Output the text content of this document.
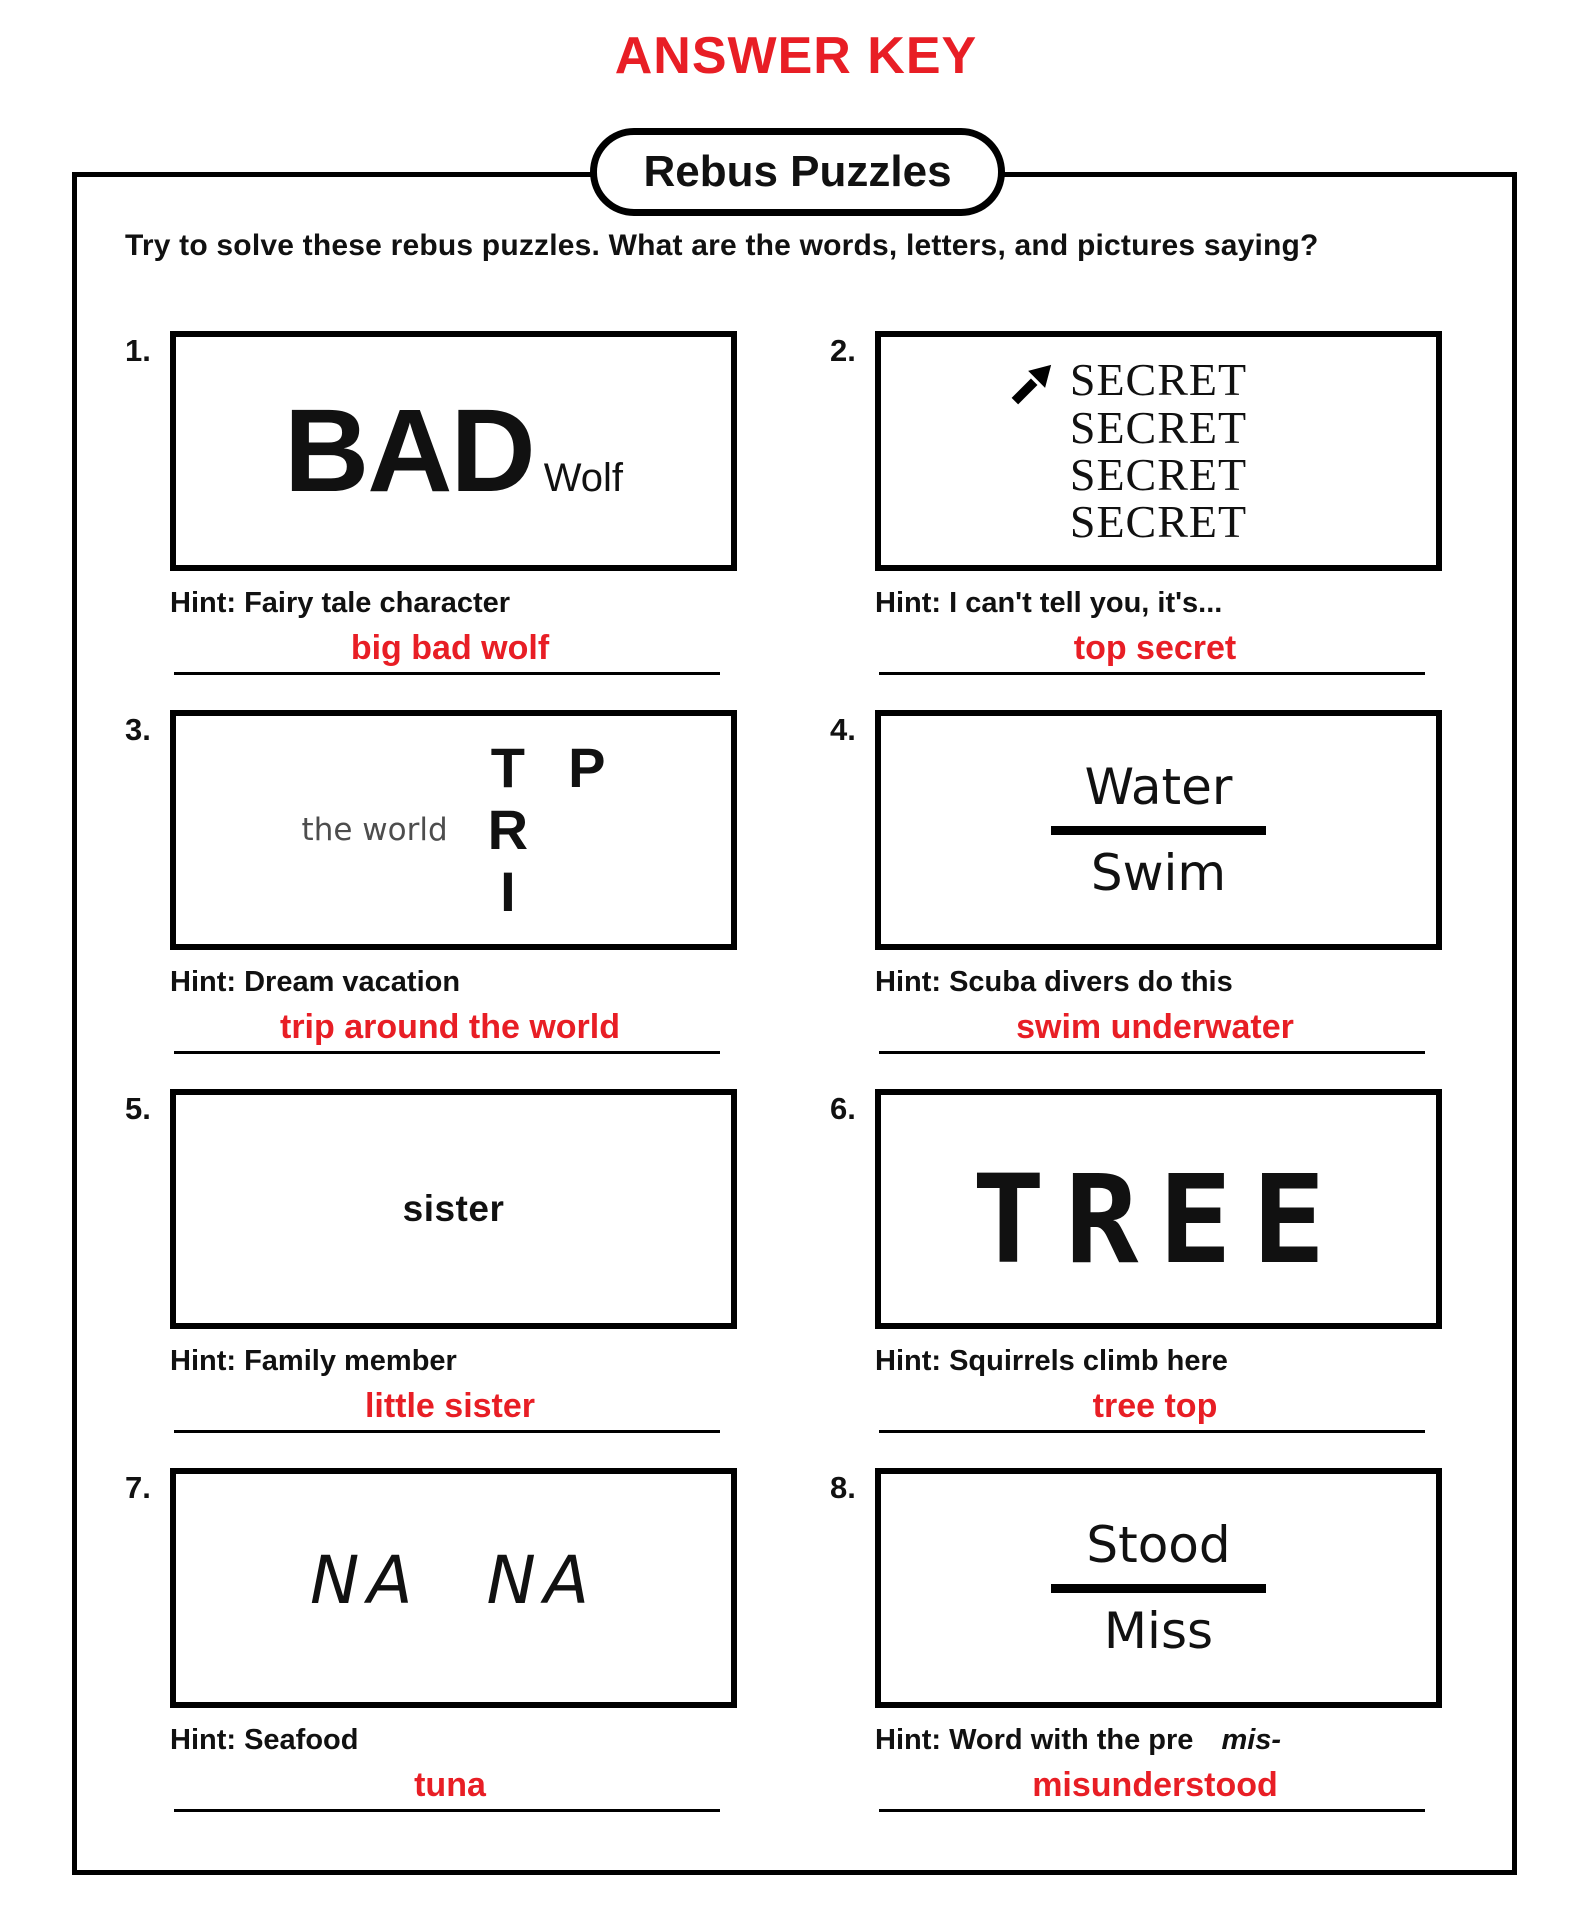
ANSWER KEY
Rebus Puzzles
Try to solve these rebus puzzles. What are the words, letters, and pictures saying?
1.
BAD Wolf
Hint: Fairy tale character
big bad wolf
2.
SECRET
SECRET
SECRET
SECRET
Hint: I can't tell you, it's...
top secret
3.
T P
the world R
I
Hint: Dream vacation
trip around the world
4.
Water
Swim
Hint: Scuba divers do this
swim underwater
5.
sister
Hint: Family member
little sister
6.
TREE
Hint: Squirrels climb here
tree top
7.
NA NA
Hint: Seafood
tuna
8.
Stood
Miss
Hint: Word with the pre mis-
misunderstood
